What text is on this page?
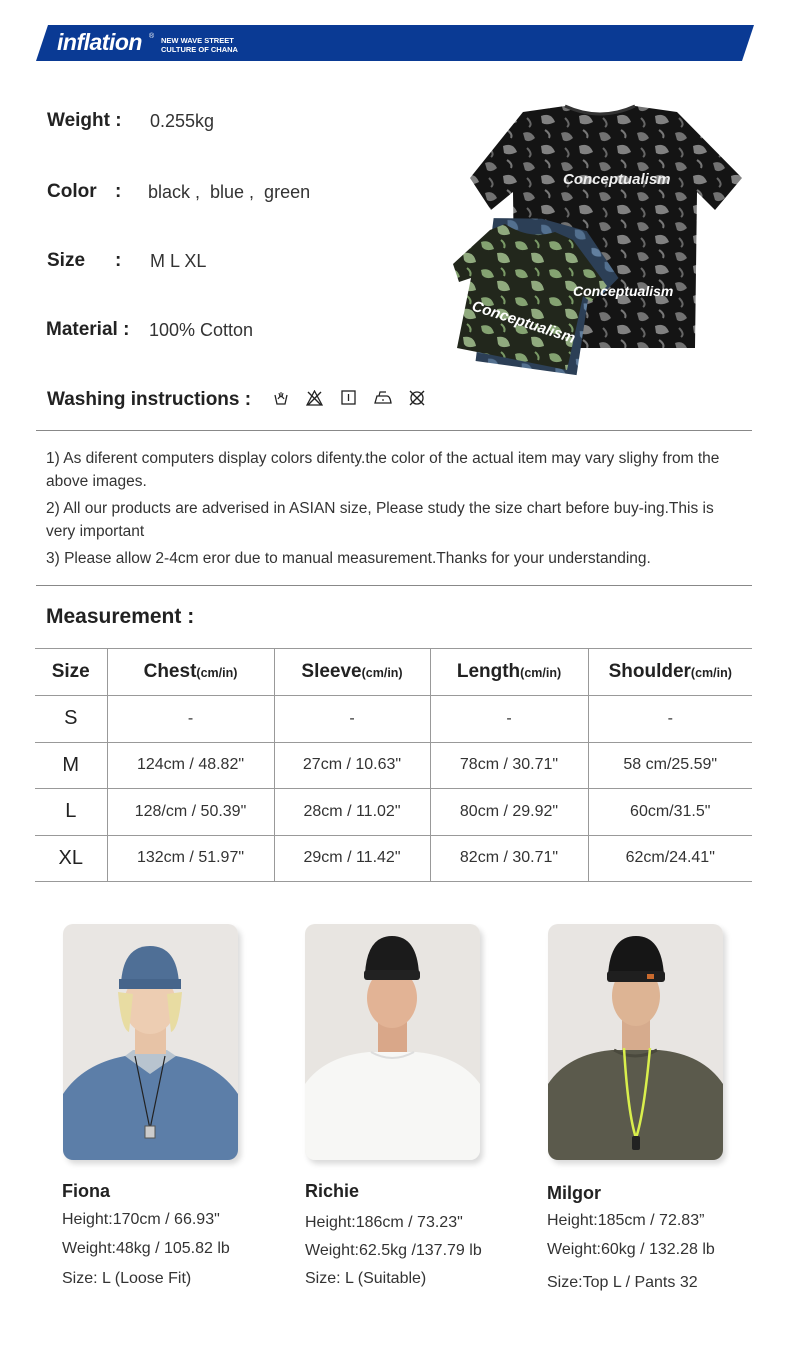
inflation ® NEW WAVE STREET
CULTURE OF CHANA
Weight : 0.255kg
Color : black ,  blue ,  green
Size : M L XL
Material : 100% Cotton
Washing instructions :
Conceptualism
Conceptualism
Conceptualism
1) As diferent computers display colors difenty.the color of the actual item may vary slighy from the above images.
2) All our products are adverised in ASIAN size, Please study the size chart before buy-ing.This is very important
3) Please allow 2-4cm eror due to manual measurement.Thanks for your understanding.
Measurement :
Size	Chest(cm/in)	Sleeve(cm/in)	Length(cm/in)	Shoulder(cm/in)
S	-	-	-	-
M	124cm / 48.82"	27cm / 10.63"	78cm / 30.71"	58 cm/25.59"
L	128/cm / 50.39"	28cm / 11.02"	80cm / 29.92"	60cm/31.5"
XL	132cm / 51.97"	29cm / 11.42"	82cm / 30.71"	62cm/24.41"
Fiona
Height:170cm / 66.93"
Weight:48kg / 105.82 lb
Size: L (Loose Fit)
Richie
Height:186cm / 73.23"
Weight:62.5kg /137.79 lb
Size: L (Suitable)
Milgor
Height:185cm / 72.83”
Weight:60kg / 132.28 lb
Size:Top L / Pants 32
